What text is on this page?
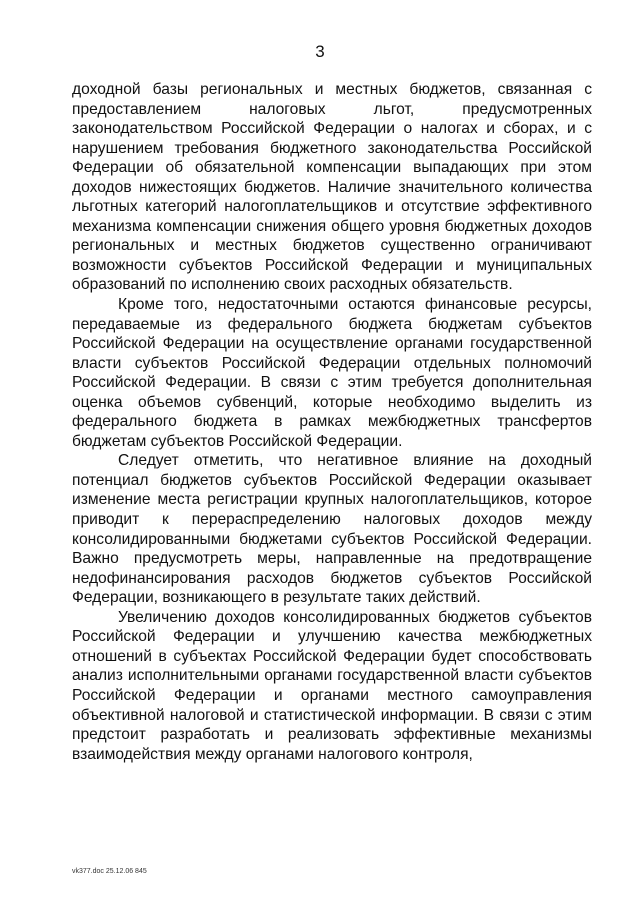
3

доходной базы региональных и местных бюджетов, связанная с предоставлением налоговых льгот, предусмотренных законодательством Российской Федерации о налогах и сборах, и с нарушением требования бюджетного законодательства Российской Федерации об обязательной компенсации выпадающих при этом доходов нижестоящих бюджетов. Наличие значительного количества льготных категорий налогоплательщиков и отсутствие эффективного механизма компенсации снижения общего уровня бюджетных доходов региональных и местных бюджетов существенно ограничивают возможности субъектов Российской Федерации и муниципальных образований по исполнению своих расходных обязательств.

Кроме того, недостаточными остаются финансовые ресурсы, передаваемые из федерального бюджета бюджетам субъектов Российской Федерации на осуществление органами государственной власти субъектов Российской Федерации отдельных полномочий Российской Федерации. В связи с этим требуется дополнительная оценка объемов субвенций, которые необходимо выделить из федерального бюджета в рамках межбюджетных трансфертов бюджетам субъектов Российской Федерации.

Следует отметить, что негативное влияние на доходный потенциал бюджетов субъектов Российской Федерации оказывает изменение места регистрации крупных налогоплательщиков, которое приводит к перераспределению налоговых доходов между консолидированными бюджетами субъектов Российской Федерации. Важно предусмотреть меры, направленные на предотвращение недофинансирования расходов бюджетов субъектов Российской Федерации, возникающего в результате таких действий.

Увеличению доходов консолидированных бюджетов субъектов Российской Федерации и улучшению качества межбюджетных отношений в субъектах Российской Федерации будет способствовать анализ исполнительными органами государственной власти субъектов Российской Федерации и органами местного самоуправления объективной налоговой и статистической информации. В связи с этим предстоит разработать и реализовать эффективные механизмы взаимодействия между органами налогового контроля,

vk377.doc 25.12.06 845
